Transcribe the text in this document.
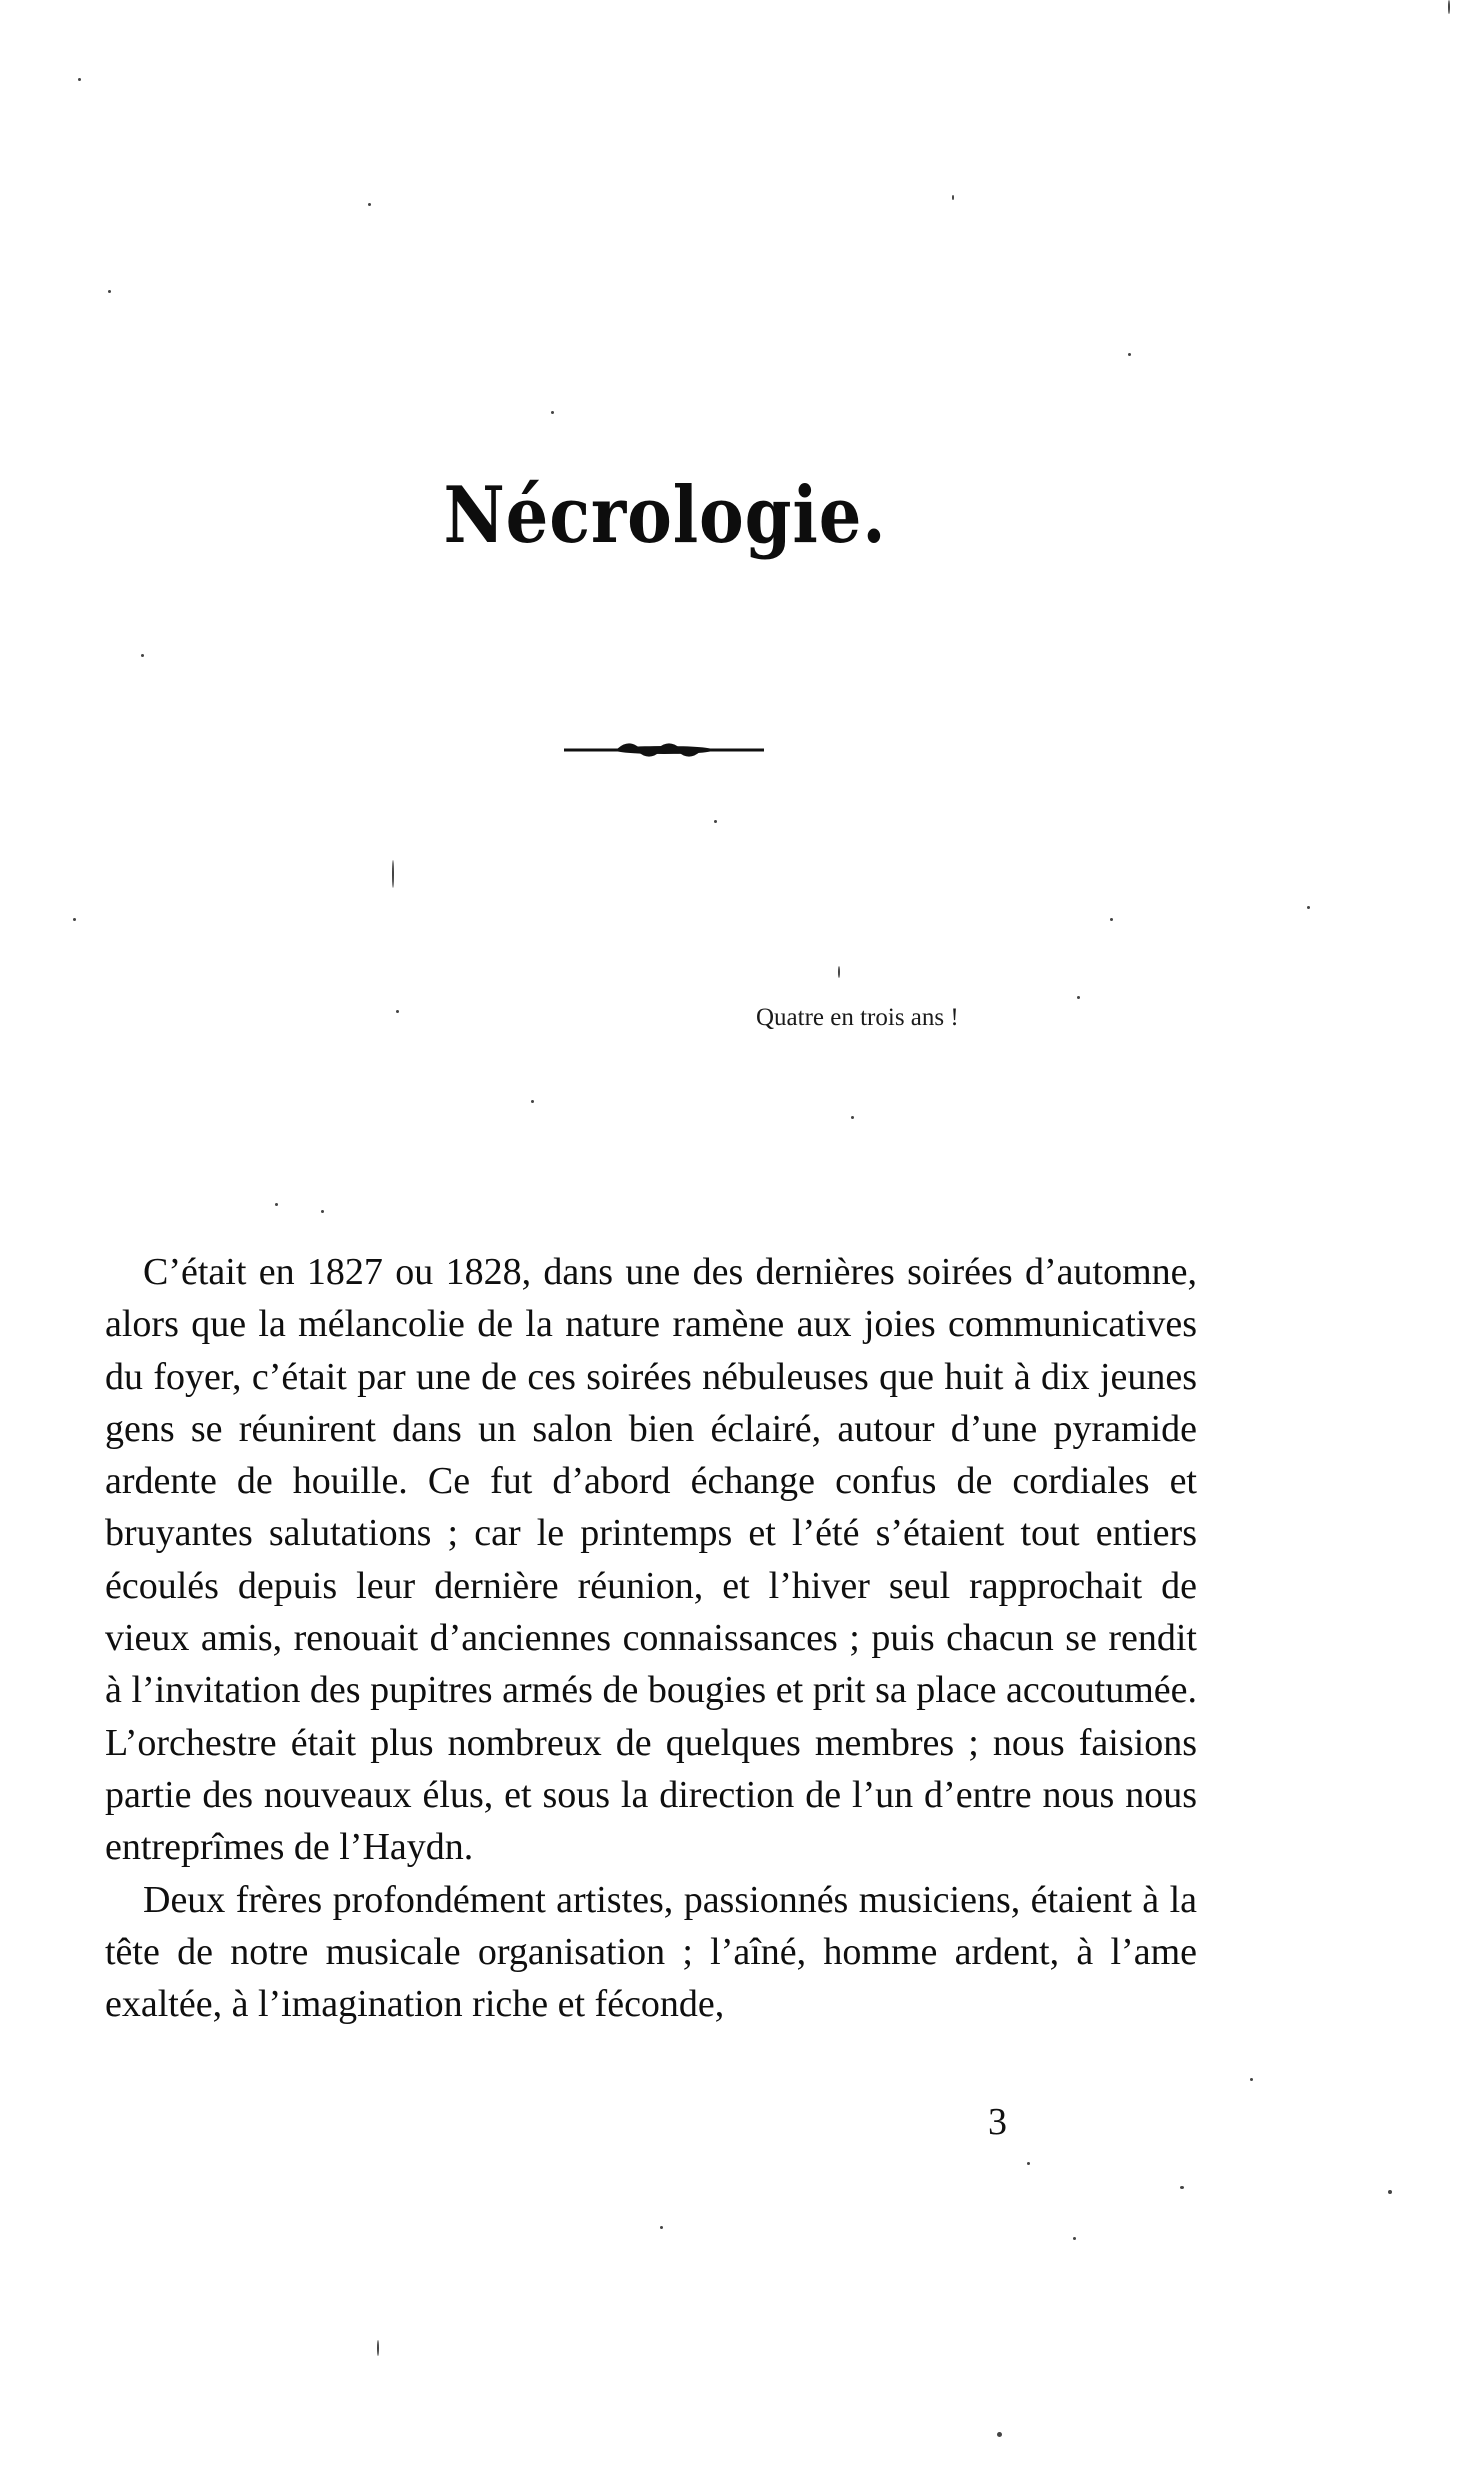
Nécrologie.
Quatre en trois ans !

C’était en 1827 ou 1828, dans une des dernières soirées d’automne, alors que la mélancolie de la nature ramène aux joies communicatives du foyer, c’était par une de ces soirées nébuleuses que huit à dix jeunes gens se réunirent dans un salon bien éclairé, autour d’une pyramide ardente de houille. Ce fut d’abord échange confus de cordiales et bruyantes salutations ; car le printemps et l’été s’étaient tout entiers écoulés depuis leur dernière réunion, et l’hiver seul rapprochait de vieux amis, renouait d’anciennes connaissances ; puis chacun se rendit à l’invitation des pupitres armés de bougies et prit sa place accoutumée. L’orchestre était plus nombreux de quelques membres ; nous faisions partie des nouveaux élus, et sous la direction de l’un d’entre nous nous entreprîmes de l’Haydn.

Deux frères profondément artistes, passionnés musiciens, étaient à la tête de notre musicale organisation ; l’aîné, homme ardent, à l’ame exaltée, à l’imagination riche et féconde,

3
